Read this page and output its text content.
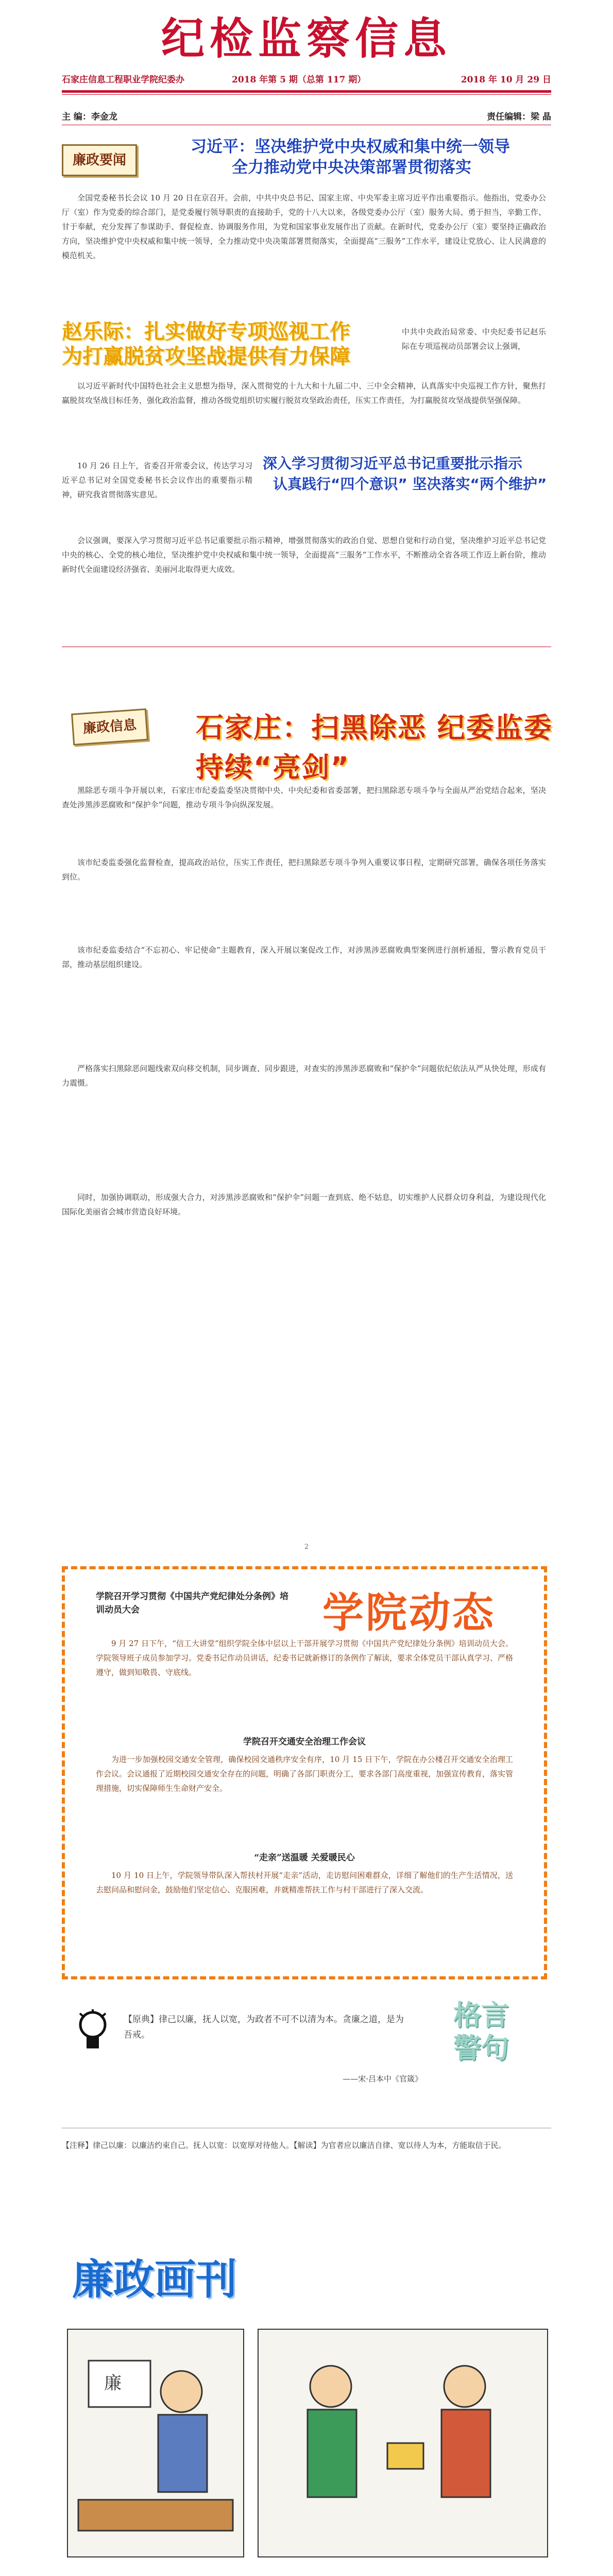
纪检监察信息
石家庄信息工程职业学院纪委办	2018 年第 5 期（总第 117 期）	2018 年 10 月 29 日
主 编：李金龙	责任编辑：梁 晶
廉政要闻
习近平：坚决维护党中央权威和集中统一领导
全力推动党中央决策部署贯彻落实
全国党委秘书长会议 10 月 20 日在京召开。会前，中共中央总书记、国家主席、中央军委主席习近平作出重要指示。他指出，党委办公厅（室）作为党委的综合部门，是党委履行领导职责的直接助手，党的十八大以来，各级党委办公厅（室）服务大局、勇于担当，辛勤工作、甘于奉献，充分发挥了参谋助手、督促检查、协调服务作用，为党和国家事业发展作出了贡献。在新时代，党委办公厅（室）要坚持正确政治方向，坚决维护党中央权威和集中统一领导，全力推动党中央决策部署贯彻落实，全面提高“三服务”工作水平，建设让党放心、让人民满意的模范机关。
赵乐际：扎实做好专项巡视工作
为打赢脱贫攻坚战提供有力保障
中共中央政治局常委、中央纪委书记赵乐际在专项巡视动员部署会议上强调，
以习近平新时代中国特色社会主义思想为指导，深入贯彻党的十九大和十九届二中、三中全会精神，认真落实中央巡视工作方针，聚焦打赢脱贫攻坚战目标任务，强化政治监督，推动各级党组织切实履行脱贫攻坚政治责任，压实工作责任，为打赢脱贫攻坚战提供坚强保障。
10 月 26 日上午，省委召开常委会议，传达学习习近平总书记对全国党委秘书长会议作出的重要指示精神，研究我省贯彻落实意见。
深入学习贯彻习近平总书记重要批示指示
认真践行“四个意识” 坚决落实“两个维护”
会议强调，要深入学习贯彻习近平总书记重要批示指示精神，增强贯彻落实的政治自觉、思想自觉和行动自觉，坚决维护习近平总书记党中央的核心、全党的核心地位，坚决维护党中央权威和集中统一领导，全面提高“三服务”工作水平，不断推动全省各项工作迈上新台阶，推动新时代全面建设经济强省、美丽河北取得更大成效。
廉政信息	石家庄：扫黑除恶 纪委监委持续“亮剑”
黑除恶专项斗争开展以来，石家庄市纪委监委坚决贯彻中央、中央纪委和省委部署，把扫黑除恶专项斗争与全面从严治党结合起来，坚决查处涉黑涉恶腐败和“保护伞”问题，推动专项斗争向纵深发展。
该市纪委监委强化监督检查，提高政治站位，压实工作责任，把扫黑除恶专项斗争列入重要议事日程，定期研究部署，确保各项任务落实到位。
该市纪委监委结合“不忘初心、牢记使命”主题教育，深入开展以案促改工作，对涉黑涉恶腐败典型案例进行剖析通报，警示教育党员干部，推动基层组织建设。
严格落实扫黑除恶问题线索双向移交机制，同步调查、同步跟进，对查实的涉黑涉恶腐败和“保护伞”问题依纪依法从严从快处理，形成有力震慑。
同时，加强协调联动，形成强大合力，对涉黑涉恶腐败和“保护伞”问题一查到底、绝不姑息，切实维护人民群众切身利益，为建设现代化国际化美丽省会城市营造良好环境。
2
学院召开学习贯彻《中国共产党纪律处分条例》培训动员大会	学院动态
9 月 27 日下午，“信工大讲堂”组织学院全体中层以上干部开展学习贯彻《中国共产党纪律处分条例》培训动员大会。学院领导班子成员参加学习。党委书记作动员讲话，纪委书记就新修订的条例作了解读，要求全体党员干部认真学习、严格遵守，做到知敬畏、守底线。
学院召开交通安全治理工作会议
为进一步加强校园交通安全管理，确保校园交通秩序安全有序，10 月 15 日下午，学院在办公楼召开交通安全治理工作会议。会议通报了近期校园交通安全存在的问题，明确了各部门职责分工，要求各部门高度重视，加强宣传教育，落实管理措施，切实保障师生生命财产安全。
“走亲”送温暖 关爱暖民心
10 月 10 日上午，学院领导带队深入帮扶村开展“走亲”活动，走访慰问困难群众，详细了解他们的生产生活情况，送去慰问品和慰问金，鼓励他们坚定信心、克服困难，并就精准帮扶工作与村干部进行了深入交流。
【原典】律己以廉，抚人以宽，为政者不可不以清为本。贪廉之道，是为吾戒。
——宋·吕本中《官箴》
格言警句
【注释】律己以廉：以廉洁约束自己。抚人以宽：以宽厚对待他人。【解读】为官者应以廉洁自律、宽以待人为本，方能取信于民。
廉政画刊
廉
